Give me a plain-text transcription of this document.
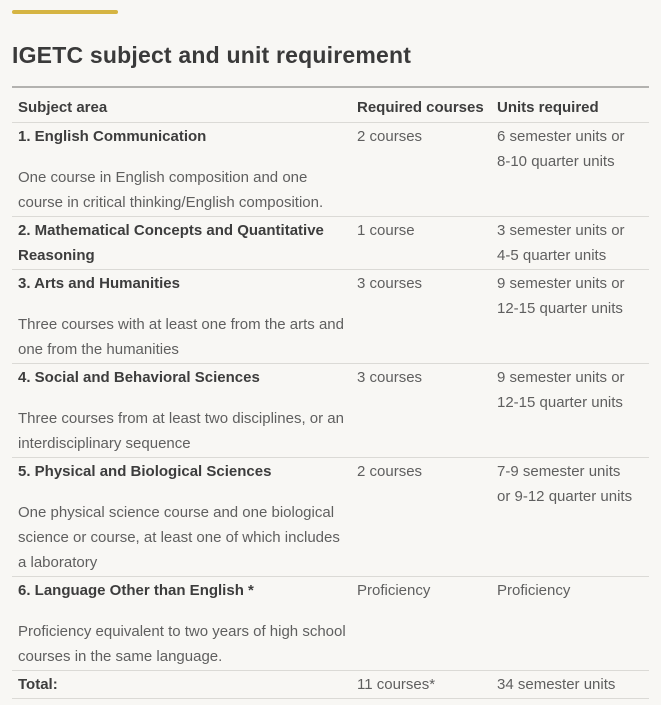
IGETC subject and unit requirement
Subject area	Required courses Units required
1. English Communication
One course in English composition and one course in critical thinking/English composition.
2 courses	6 semester units or 8-10 quarter units
2. Mathematical Concepts and Quantitative Reasoning
1 course	3 semester units or 4-5 quarter units
3. Arts and Humanities
Three courses with at least one from the arts and one from the humanities
3 courses	9 semester units or 12-15 quarter units
4. Social and Behavioral Sciences
Three courses from at least two disciplines, or an interdisciplinary sequence
3 courses	9 semester units or 12-15 quarter units
5. Physical and Biological Sciences
One physical science course and one biological science or course, at least one of which includes a laboratory
2 courses	7-9 semester units or 9-12 quarter units
6. Language Other than English *
Proficiency equivalent to two years of high school courses in the same language.
Proficiency	Proficiency
Total:	11 courses*	34 semester units
